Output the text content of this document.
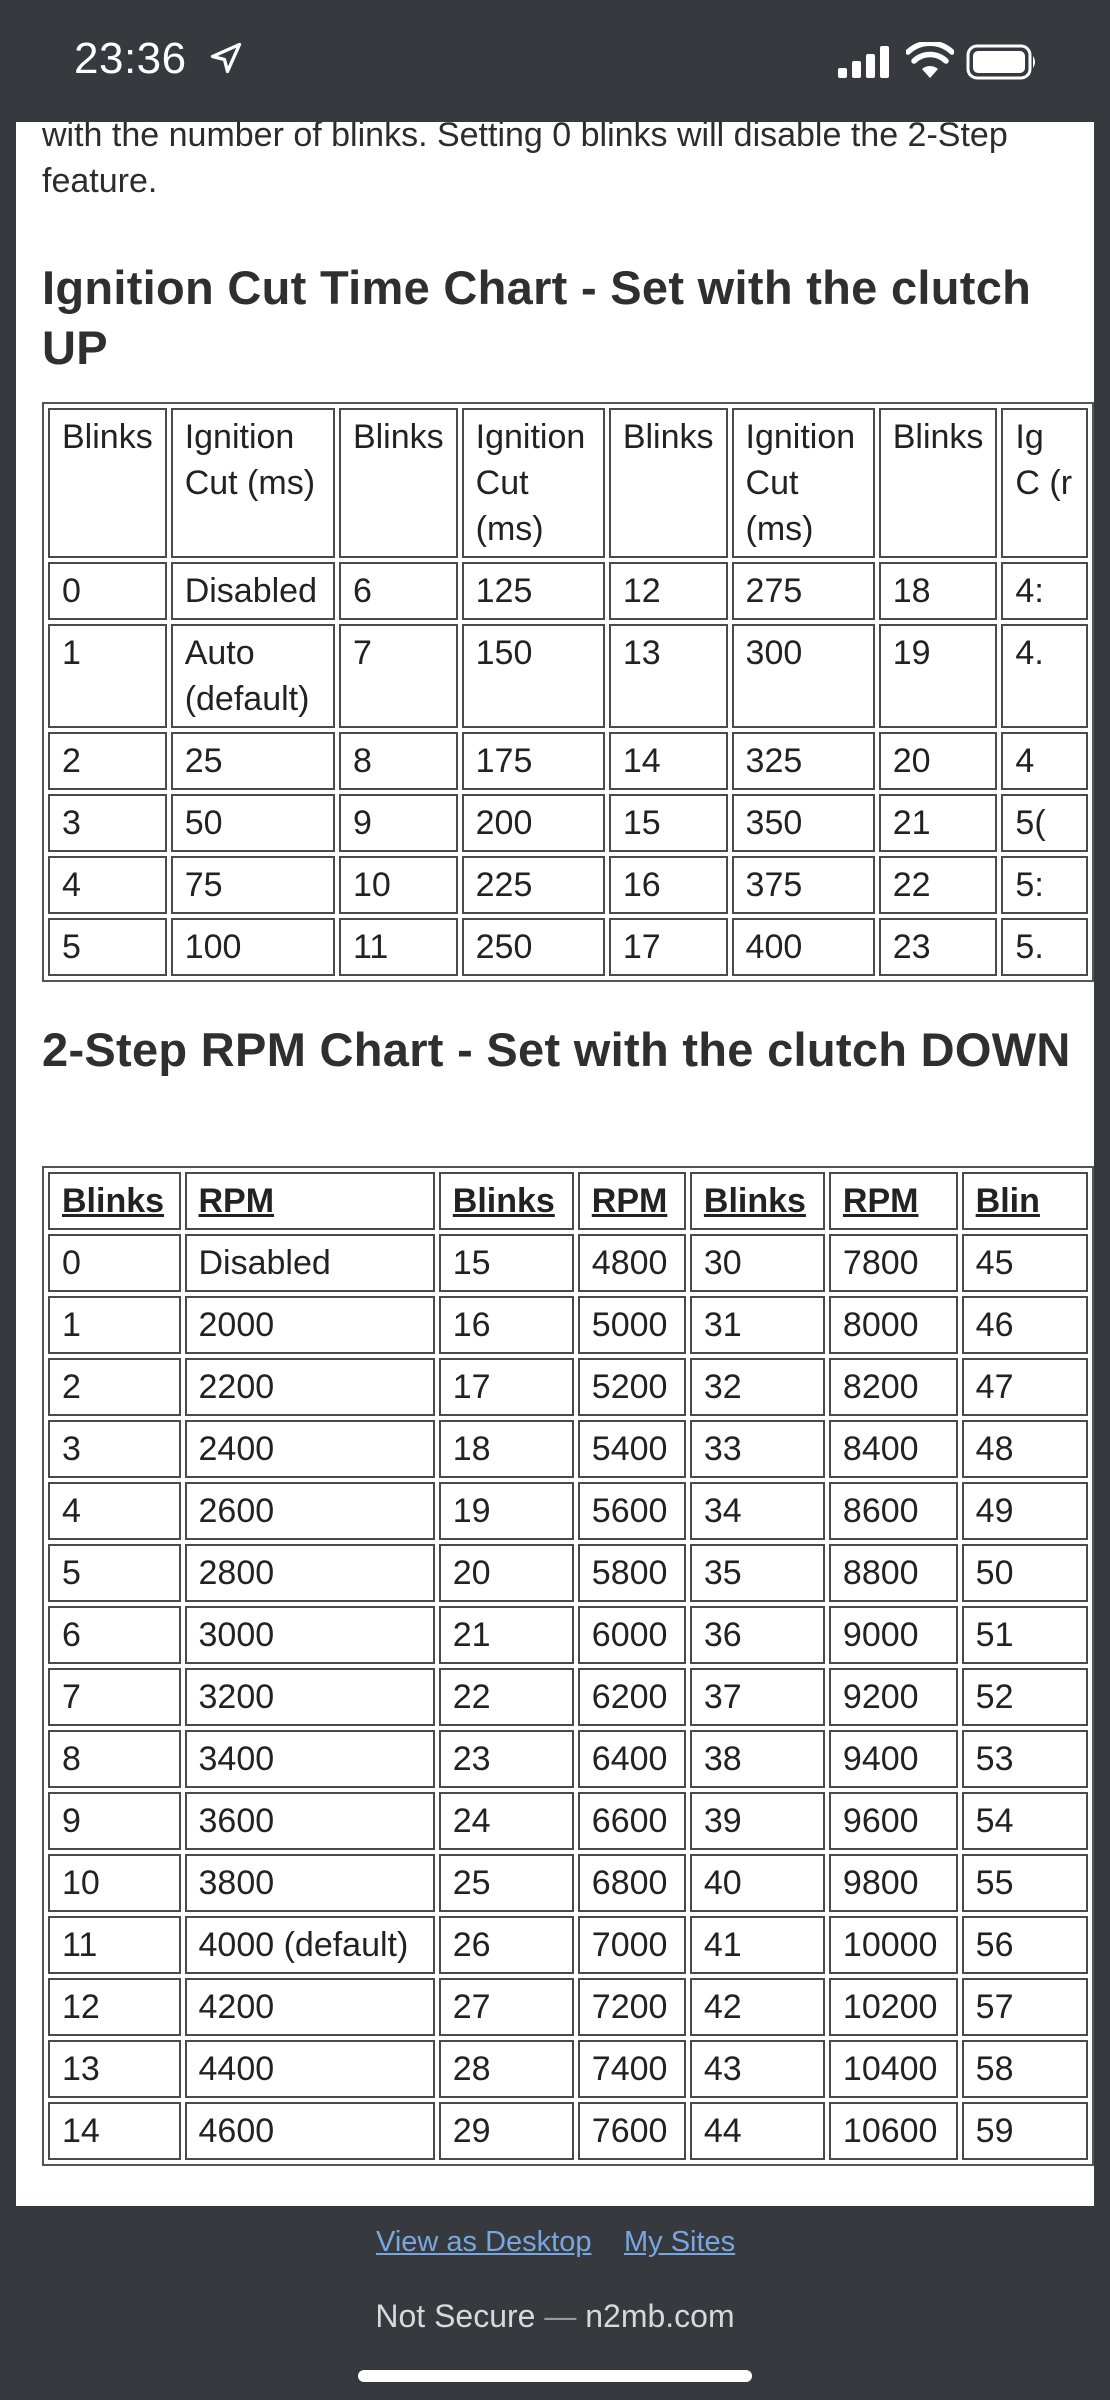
23:36
with the number of blinks. Setting 0 blinks will disable the 2-Step feature.
Ignition Cut Time Chart - Set with the clutch UP
Blinks	Ignition Cut (ms)	Blinks	Ignition Cut (ms)	Blinks	Ignition Cut (ms)	Blinks	Ig C (r
0	Disabled	6	125	12	275	18	4:
1	Auto (default)	7	150	13	300	19	4.
2	25	8	175	14	325	20	4
3	50	9	200	15	350	21	5(
4	75	10	225	16	375	22	5:
5	100	11	250	17	400	23	5.
2-Step RPM Chart - Set with the clutch DOWN
Blinks	RPM	Blinks	RPM	Blinks	RPM	Blin
0	Disabled	15	4800	30	7800	45
1	2000	16	5000	31	8000	46
2	2200	17	5200	32	8200	47
3	2400	18	5400	33	8400	48
4	2600	19	5600	34	8600	49
5	2800	20	5800	35	8800	50
6	3000	21	6000	36	9000	51
7	3200	22	6200	37	9200	52
8	3400	23	6400	38	9400	53
9	3600	24	6600	39	9600	54
10	3800	25	6800	40	9800	55
11	4000 (default)	26	7000	41	10000	56
12	4200	27	7200	42	10200	57
13	4400	28	7400	43	10400	58
14	4600	29	7600	44	10600	59
View as Desktop My Sites
Not Secure — n2mb.com
